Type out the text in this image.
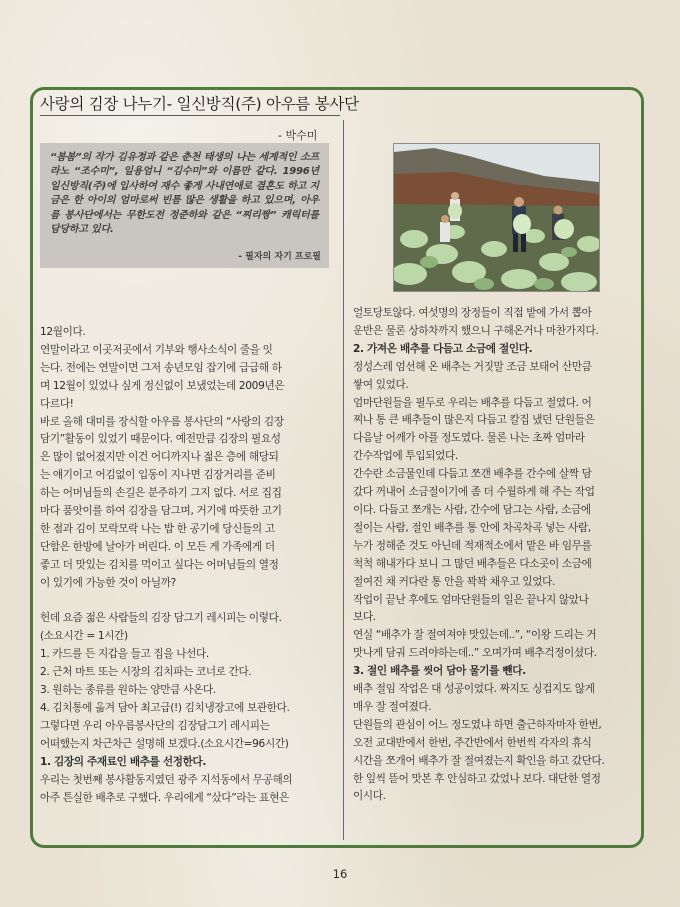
사랑의 김장 나누기- 일신방직(주) 아우름 봉사단
- 박수미

“봄봄”의 작가 김유정과 같은 춘천 태생의 나는 세계적인 소프라노 “조수미”, 일용엄니 “김수미”와 이름만 같다. 1996년 일신방직(주)에 입사하여 재수 좋게 사내연애로 결혼도 하고 지금은 한 아이의 엄마로써 빈틈 많은 생활을 하고 있으며, 아우름 봉사단에서는 무한도전 정준하와 같은 “찌리짱” 캐릭터를 담당하고 있다.

- 필자의 자기 프로필

12월이다.

연말이라고 이곳저곳에서 기부와 행사소식이 줄을 잇

는다. 전에는 연말이면 그저 송년모임 잡기에 급급해 하

며 12월이 있었나 싶게 정신없이 보냈었는데 2009년은

다르다!

바로 올해 대미를 장식할 아우름 봉사단의 “사랑의 김장

담기”활동이 있었기 때문이다. 예전만큼 김장의 필요성

은 많이 없어졌지만 이건 어디까지나 젊은 층에 해당되

는 얘기이고 어김없이 입동이 지나면 김장거리를 준비

하는 어머님들의 손길은 분주하기 그지 없다. 서로 집집

마다 품앗이를 하여 김장을 담그며, 거기에 따뜻한 고기

한 점과 김이 모락모락 나는 밥 한 공기에 당신들의 고

단함은 한방에 날아가 버린다. 이 모든 게 가족에게 더

좋고 더 맛있는 김치를 먹이고 싶다는 어머님들의 열정

이 있기에 가능한 것이 아닐까?

헌데 요즘 젊은 사람들의 김장 담그기 레시피는 이렇다.

(소요시간 = 1시간)

1. 카드를 든 지갑을 들고 집을 나선다.

2. 근처 마트 또는 시장의 김치파는 코너로 간다.

3. 원하는 종류를 원하는 양만큼 사온다.

4. 김치통에 옮겨 담아 최고급(!) 김치냉장고에 보관한다.

그렇다면 우리 아우름봉사단의 김장담그기 레시피는

어떠했는지 차근차근 설명해 보겠다.(소요시간=96시간)

1. 김장의 주재료인 배추를 선정한다.

우리는 첫번째 봉사활동지였던 광주 지석동에서 무공해의

아주 튼실한 배추로 구했다. 우리에게 “샀다”라는 표현은

얼토당토않다. 여섯명의 장정들이 직접 밭에 가서 뽑아

운반은 물론 상하차까지 했으니 구해온거나 마찬가지다.

2. 가져온 배추를 다듬고 소금에 절인다.

정성스레 엄선해 온 배추는 거짓말 조금 보태어 산만큼

쌓여 있었다.

엄마단원들을 필두로 우리는 배추를 다듬고 절였다. 어

찌나 통 큰 배추들이 많은지 다듬고 칼집 냈던 단원들은

다음날 어깨가 아플 정도였다. 물론 나는 초짜 엄마라

간수작업에 투입되었다.

간수란 소금물인데 다듬고 쪼갠 배추를 간수에 살짝 담

갔다 꺼내어 소금절이기에 좀 더 수월하게 해 주는 작업

이다. 다듬고 쪼개는 사람, 간수에 담그는 사람, 소금에

절이는 사람, 절인 배추를 통 안에 차곡차곡 넣는 사람,

누가 정해준 것도 아닌데 적재적소에서 맡은 바 임무를

척척 해내가다 보니 그 많던 배추들은 다소곳이 소금에

절여진 채 커다란 통 안을 꽉꽉 채우고 있었다.

작업이 끝난 후에도 엄마단원들의 일은 끝나지 않았나

보다.

연실 “배추가 잘 절여져야 맛있는데..”, “이왕 드리는 거

맛나게 담궈 드려야하는데..” 오며가며 배추걱정이셨다.

3. 절인 배추를 씻어 담아 물기를 뺀다.

배추 절임 작업은 대 성공이었다. 짜지도 싱겁지도 않게

매우 잘 절여졌다.

단원들의 관심이 어느 정도였냐 하면 출근하자마자 한번,

오전 교대반에서 한번, 주간반에서 한번씩 각자의 휴식

시간을 쪼개어 배추가 잘 절여졌는지 확인을 하고 갔단다.

한 잎씩 뜯어 맛본 후 안심하고 갔었나 보다. 대단한 열정

이시다.

16
